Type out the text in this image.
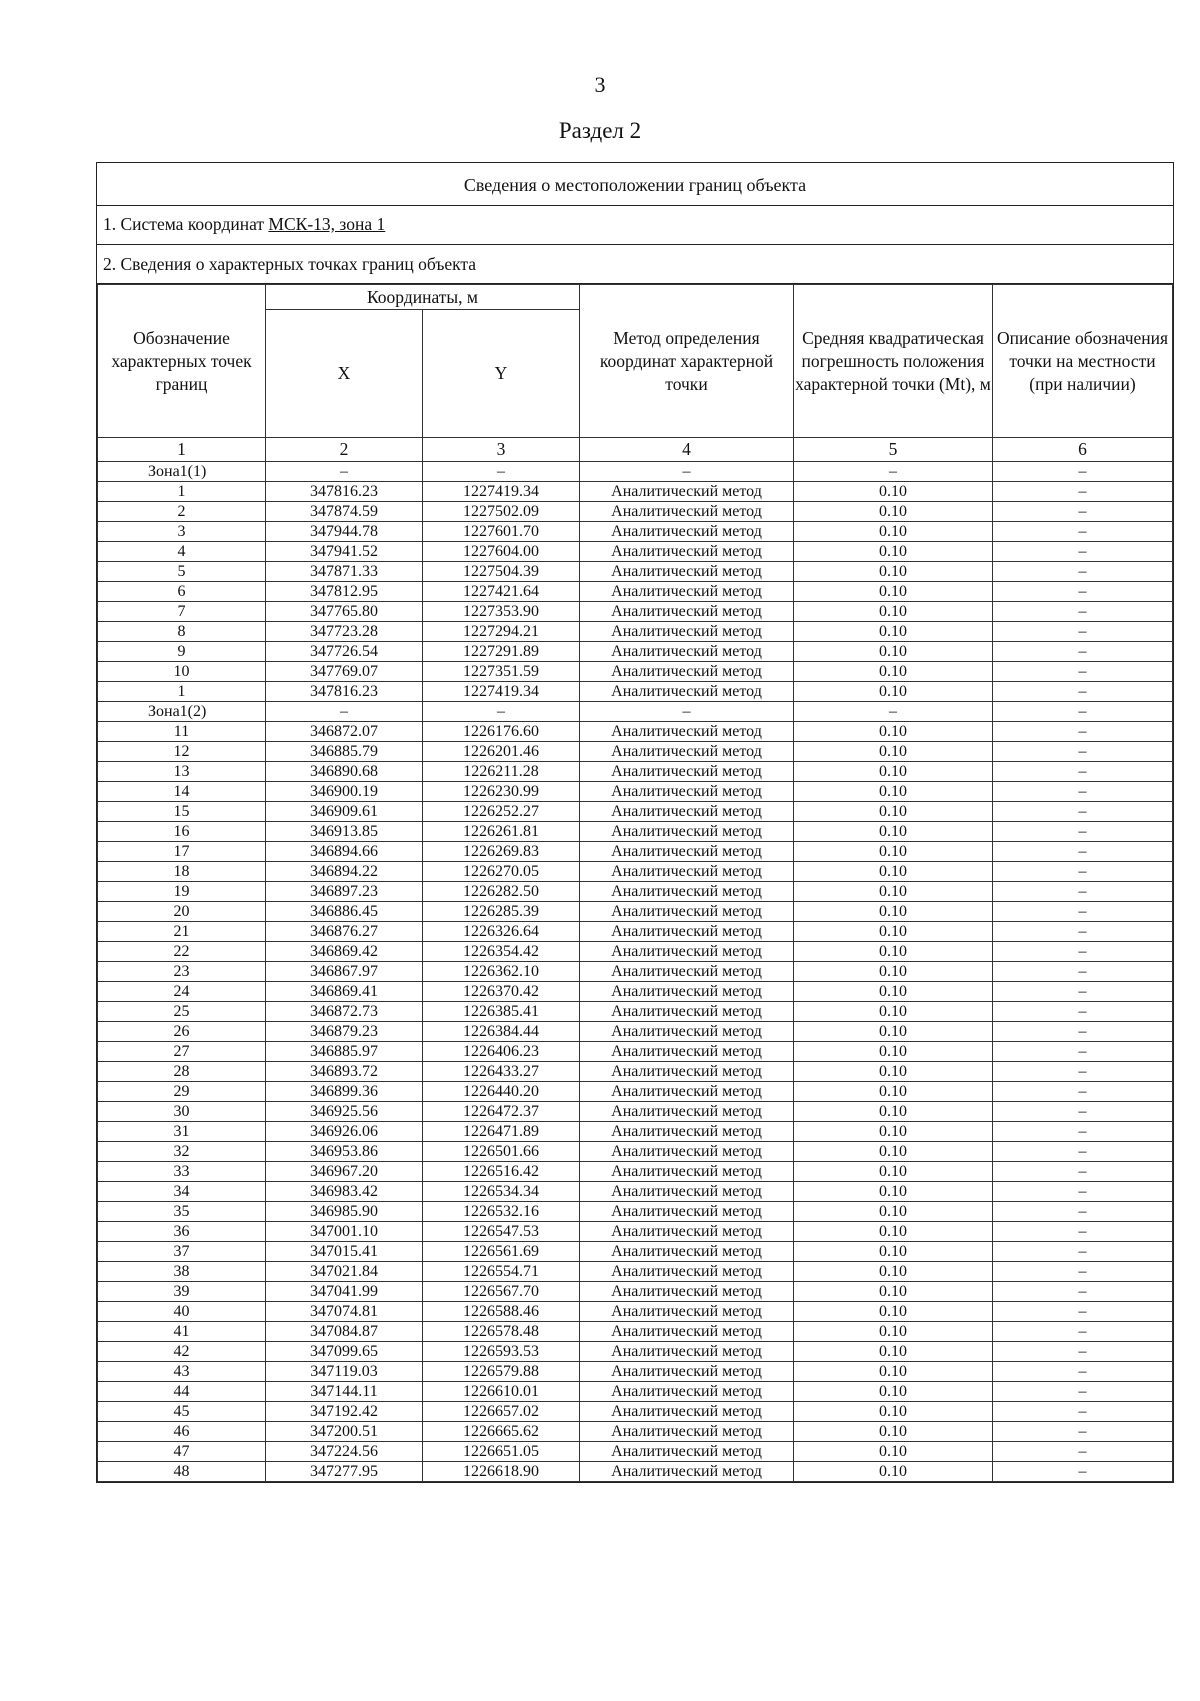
3
Раздел 2
Сведения о местоположении границ объекта
1. Система координат МСК-13, зона 1
2. Сведения о характерных точках границ объекта
Обозначение характерных точек границ	Координаты, м		Метод определения координат характерной точки	Средняя квадратическая погрешность положения характерной точки (Mt), м	Описание обозначения точки на местности (при наличии)
	X	Y			
1	2	3	4	5	6
Зона1(1)	–	–	–	–	–
1	347816.23	1227419.34	Аналитический метод	0.10	–
2	347874.59	1227502.09	Аналитический метод	0.10	–
3	347944.78	1227601.70	Аналитический метод	0.10	–
4	347941.52	1227604.00	Аналитический метод	0.10	–
5	347871.33	1227504.39	Аналитический метод	0.10	–
6	347812.95	1227421.64	Аналитический метод	0.10	–
7	347765.80	1227353.90	Аналитический метод	0.10	–
8	347723.28	1227294.21	Аналитический метод	0.10	–
9	347726.54	1227291.89	Аналитический метод	0.10	–
10	347769.07	1227351.59	Аналитический метод	0.10	–
1	347816.23	1227419.34	Аналитический метод	0.10	–
Зона1(2)	–	–	–	–	–
11	346872.07	1226176.60	Аналитический метод	0.10	–
12	346885.79	1226201.46	Аналитический метод	0.10	–
13	346890.68	1226211.28	Аналитический метод	0.10	–
14	346900.19	1226230.99	Аналитический метод	0.10	–
15	346909.61	1226252.27	Аналитический метод	0.10	–
16	346913.85	1226261.81	Аналитический метод	0.10	–
17	346894.66	1226269.83	Аналитический метод	0.10	–
18	346894.22	1226270.05	Аналитический метод	0.10	–
19	346897.23	1226282.50	Аналитический метод	0.10	–
20	346886.45	1226285.39	Аналитический метод	0.10	–
21	346876.27	1226326.64	Аналитический метод	0.10	–
22	346869.42	1226354.42	Аналитический метод	0.10	–
23	346867.97	1226362.10	Аналитический метод	0.10	–
24	346869.41	1226370.42	Аналитический метод	0.10	–
25	346872.73	1226385.41	Аналитический метод	0.10	–
26	346879.23	1226384.44	Аналитический метод	0.10	–
27	346885.97	1226406.23	Аналитический метод	0.10	–
28	346893.72	1226433.27	Аналитический метод	0.10	–
29	346899.36	1226440.20	Аналитический метод	0.10	–
30	346925.56	1226472.37	Аналитический метод	0.10	–
31	346926.06	1226471.89	Аналитический метод	0.10	–
32	346953.86	1226501.66	Аналитический метод	0.10	–
33	346967.20	1226516.42	Аналитический метод	0.10	–
34	346983.42	1226534.34	Аналитический метод	0.10	–
35	346985.90	1226532.16	Аналитический метод	0.10	–
36	347001.10	1226547.53	Аналитический метод	0.10	–
37	347015.41	1226561.69	Аналитический метод	0.10	–
38	347021.84	1226554.71	Аналитический метод	0.10	–
39	347041.99	1226567.70	Аналитический метод	0.10	–
40	347074.81	1226588.46	Аналитический метод	0.10	–
41	347084.87	1226578.48	Аналитический метод	0.10	–
42	347099.65	1226593.53	Аналитический метод	0.10	–
43	347119.03	1226579.88	Аналитический метод	0.10	–
44	347144.11	1226610.01	Аналитический метод	0.10	–
45	347192.42	1226657.02	Аналитический метод	0.10	–
46	347200.51	1226665.62	Аналитический метод	0.10	–
47	347224.56	1226651.05	Аналитический метод	0.10	–
48	347277.95	1226618.90	Аналитический метод	0.10	–
